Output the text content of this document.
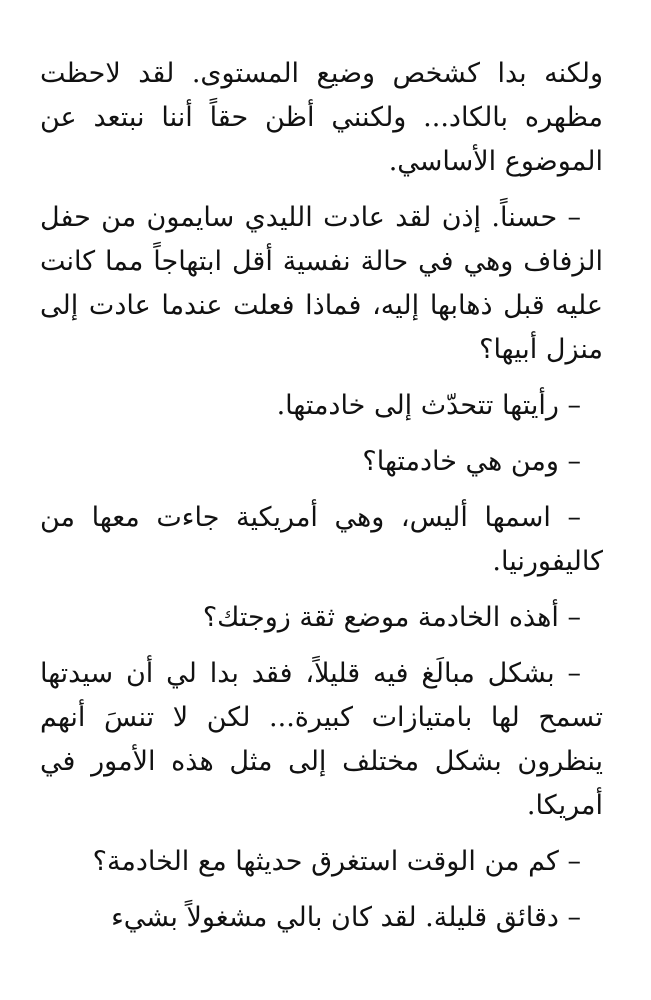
ولكنه بدا كشخص وضيع المستوى. لقد لاحظت مظهره بالكاد... ولكنني أظن حقاً أننا نبتعد عن الموضوع الأساسي.

– حسناً. إذن لقد عادت الليدي سايمون من حفل الزفاف وهي في حالة نفسية أقل ابتهاجاً مما كانت عليه قبل ذهابها إليه، فماذا فعلت عندما عادت إلى منزل أبيها؟

– رأيتها تتحدّث إلى خادمتها.

– ومن هي خادمتها؟

– اسمها أليس، وهي أمريكية جاءت معها من كاليفورنيا.

– أهذه الخادمة موضع ثقة زوجتك؟

– بشكل مبالَغ فيه قليلاً، فقد بدا لي أن سيدتها تسمح لها بامتيازات كبيرة... لكن لا تنسَ أنهم ينظرون بشكل مختلف إلى مثل هذه الأمور في أمريكا.

– كم من الوقت استغرق حديثها مع الخادمة؟

– دقائق قليلة. لقد كان بالي مشغولاً بشيء
